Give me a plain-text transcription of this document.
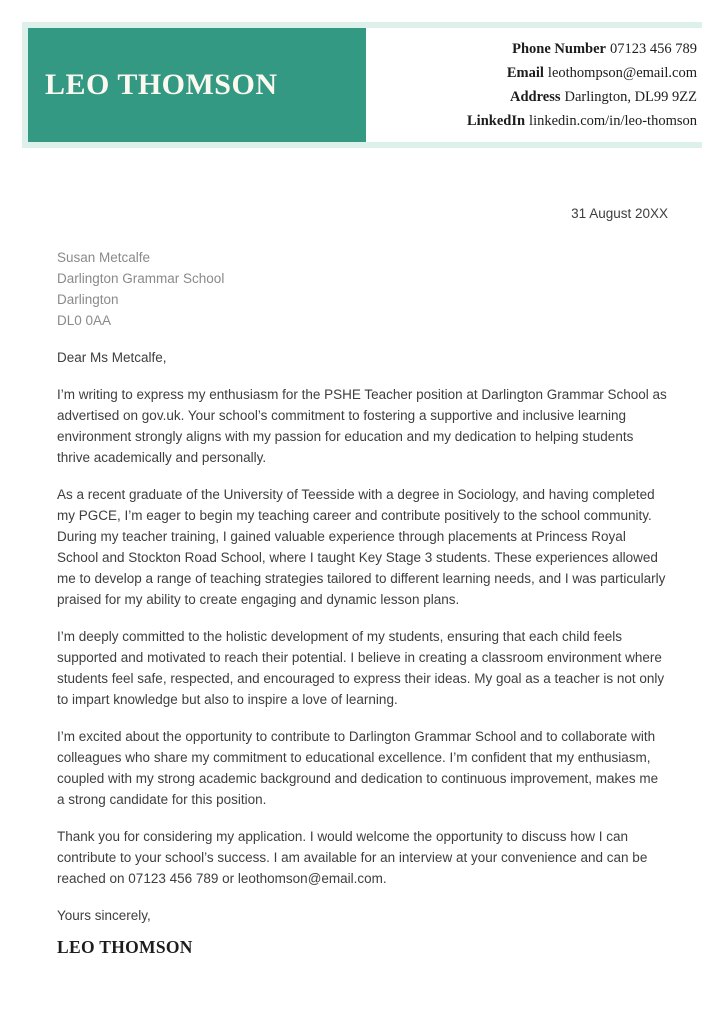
LEO THOMSON
Phone Number 07123 456 789
Email leothompson@email.com
Address Darlington, DL99 9ZZ
LinkedIn linkedin.com/in/leo-thomson
31 August 20XX
Susan Metcalfe
Darlington Grammar School
Darlington
DL0 0AA
Dear Ms Metcalfe,

I’m writing to express my enthusiasm for the PSHE Teacher position at Darlington Grammar School as advertised on gov.uk. Your school’s commitment to fostering a supportive and inclusive learning environment strongly aligns with my passion for education and my dedication to helping students thrive academically and personally.

As a recent graduate of the University of Teesside with a degree in Sociology, and having completed my PGCE, I’m eager to begin my teaching career and contribute positively to the school community. During my teacher training, I gained valuable experience through placements at Princess Royal School and Stockton Road School, where I taught Key Stage 3 students. These experiences allowed me to develop a range of teaching strategies tailored to different learning needs, and I was particularly praised for my ability to create engaging and dynamic lesson plans.

I’m deeply committed to the holistic development of my students, ensuring that each child feels supported and motivated to reach their potential. I believe in creating a classroom environment where students feel safe, respected, and encouraged to express their ideas. My goal as a teacher is not only to impart knowledge but also to inspire a love of learning.

I’m excited about the opportunity to contribute to Darlington Grammar School and to collaborate with colleagues who share my commitment to educational excellence. I’m confident that my enthusiasm, coupled with my strong academic background and dedication to continuous improvement, makes me a strong candidate for this position.

Thank you for considering my application. I would welcome the opportunity to discuss how I can contribute to your school’s success. I am available for an interview at your convenience and can be reached on 07123 456 789 or leothomson@email.com.

Yours sincerely,
LEO THOMSON
